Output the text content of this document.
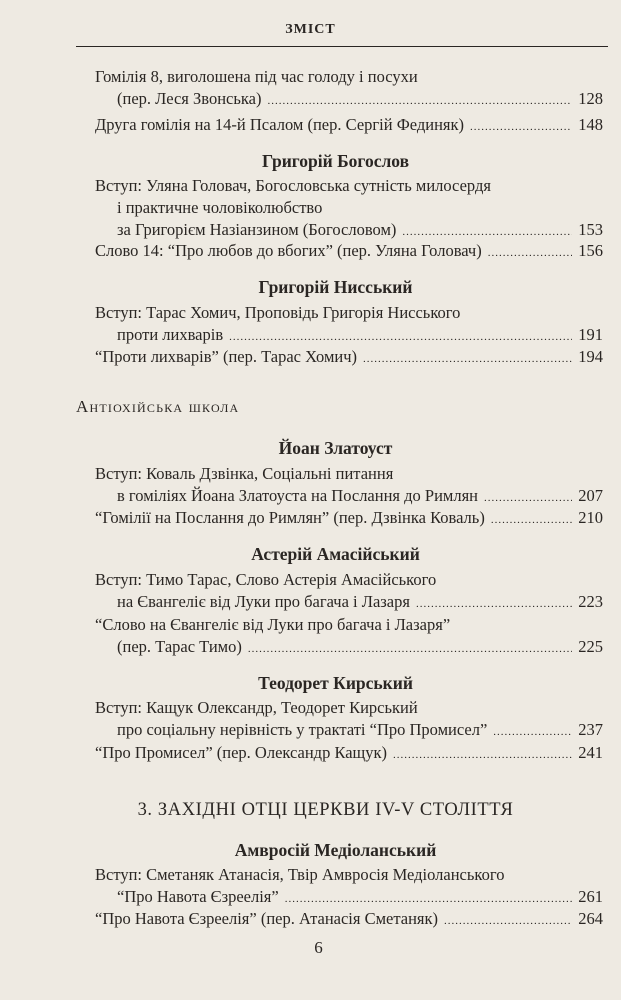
ЗМІСТ
Гомілія 8, виголошена під час голоду і посухи
(пер. Леся Звонська) .....	128
Друга гомілія на 14-й Псалом (пер. Сергій Фединяк) .....	148
Григорій Богослов
Вступ: Уляна Головач, Богословська сутність милосердя
і практичне чоловіколюбство
за Григорієм Назіанзином (Богословом) .....	153
Слово 14: “Про любов до вбогих” (пер. Уляна Головач) .....	156
Григорій Нисський
Вступ: Тарас Хомич, Проповідь Григорія Нисського
проти лихварів .....	191
“Проти лихварів” (пер. Тарас Хомич) .....	194
Антіохійська школа
Йоан Златоуст
Вступ: Коваль Дзвінка, Соціальні питання
в гоміліях Йоана Златоуста на Послання до Римлян .....	207
“Гомілії на Послання до Римлян” (пер. Дзвінка Коваль) .....	210
Астерій Амасійський
Вступ: Тимо Тарас, Слово Астерія Амасійського
на Євангеліє від Луки про багача і Лазаря .....	223
“Слово на Євангеліє від Луки про багача і Лазаря”
(пер. Тарас Тимо) .....	225
Теодорет Кирський
Вступ: Кащук Олександр, Теодорет Кирський
про соціальну нерівність у трактаті “Про Промисел” .....	237
“Про Промисел” (пер. Олександр Кащук) .....	241
3. ЗАХІДНІ ОТЦІ ЦЕРКВИ IV-V СТОЛІТТЯ
Амвросій Медіоланський
Вступ: Сметаняк Атанасія, Твір Амвросія Медіоланського
“Про Навота Єзреелія” .....	261
“Про Навота Єзреелія” (пер. Атанасія Сметаняк) .....	264
6
